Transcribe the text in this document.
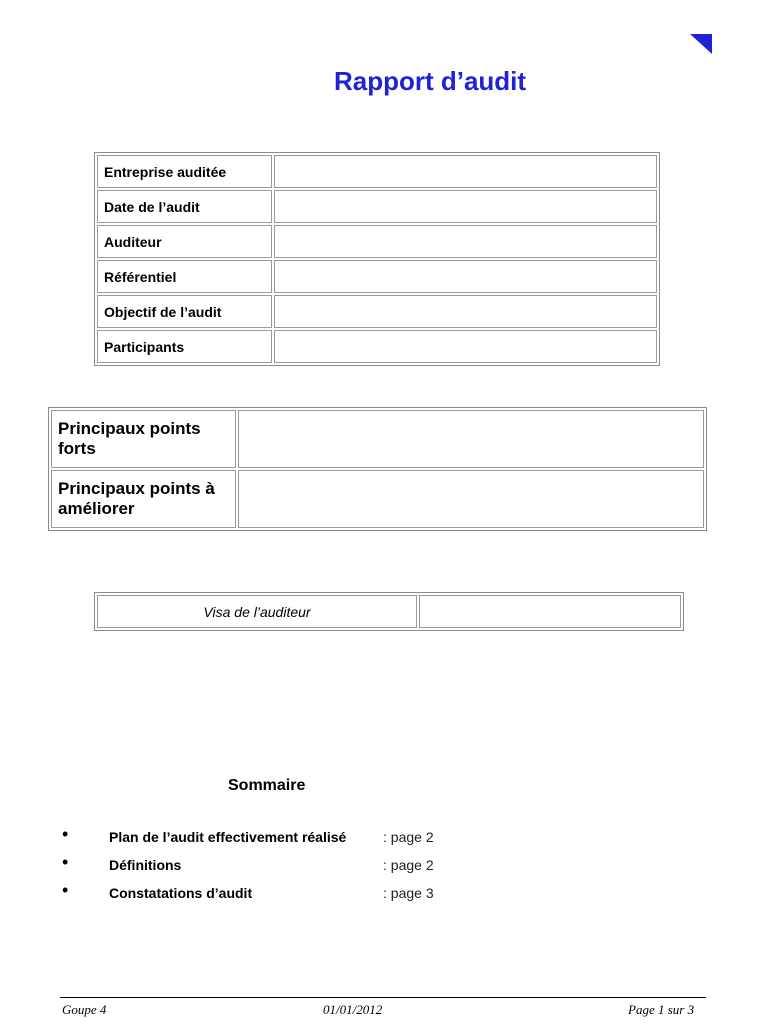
Rapport d’audit
Entreprise auditée	
Date de l’audit	
Auditeur	
Référentiel	
Objectif de l’audit	
Participants	
Principaux points forts	
Principaux points à améliorer	
Visa de l’auditeur	
Sommaire
•	Plan de l’audit effectivement réalisé	: page 2
•	Définitions	: page 2
•	Constatations d’audit	: page 3
Goupe 4	01/01/2012	Page 1 sur 3
